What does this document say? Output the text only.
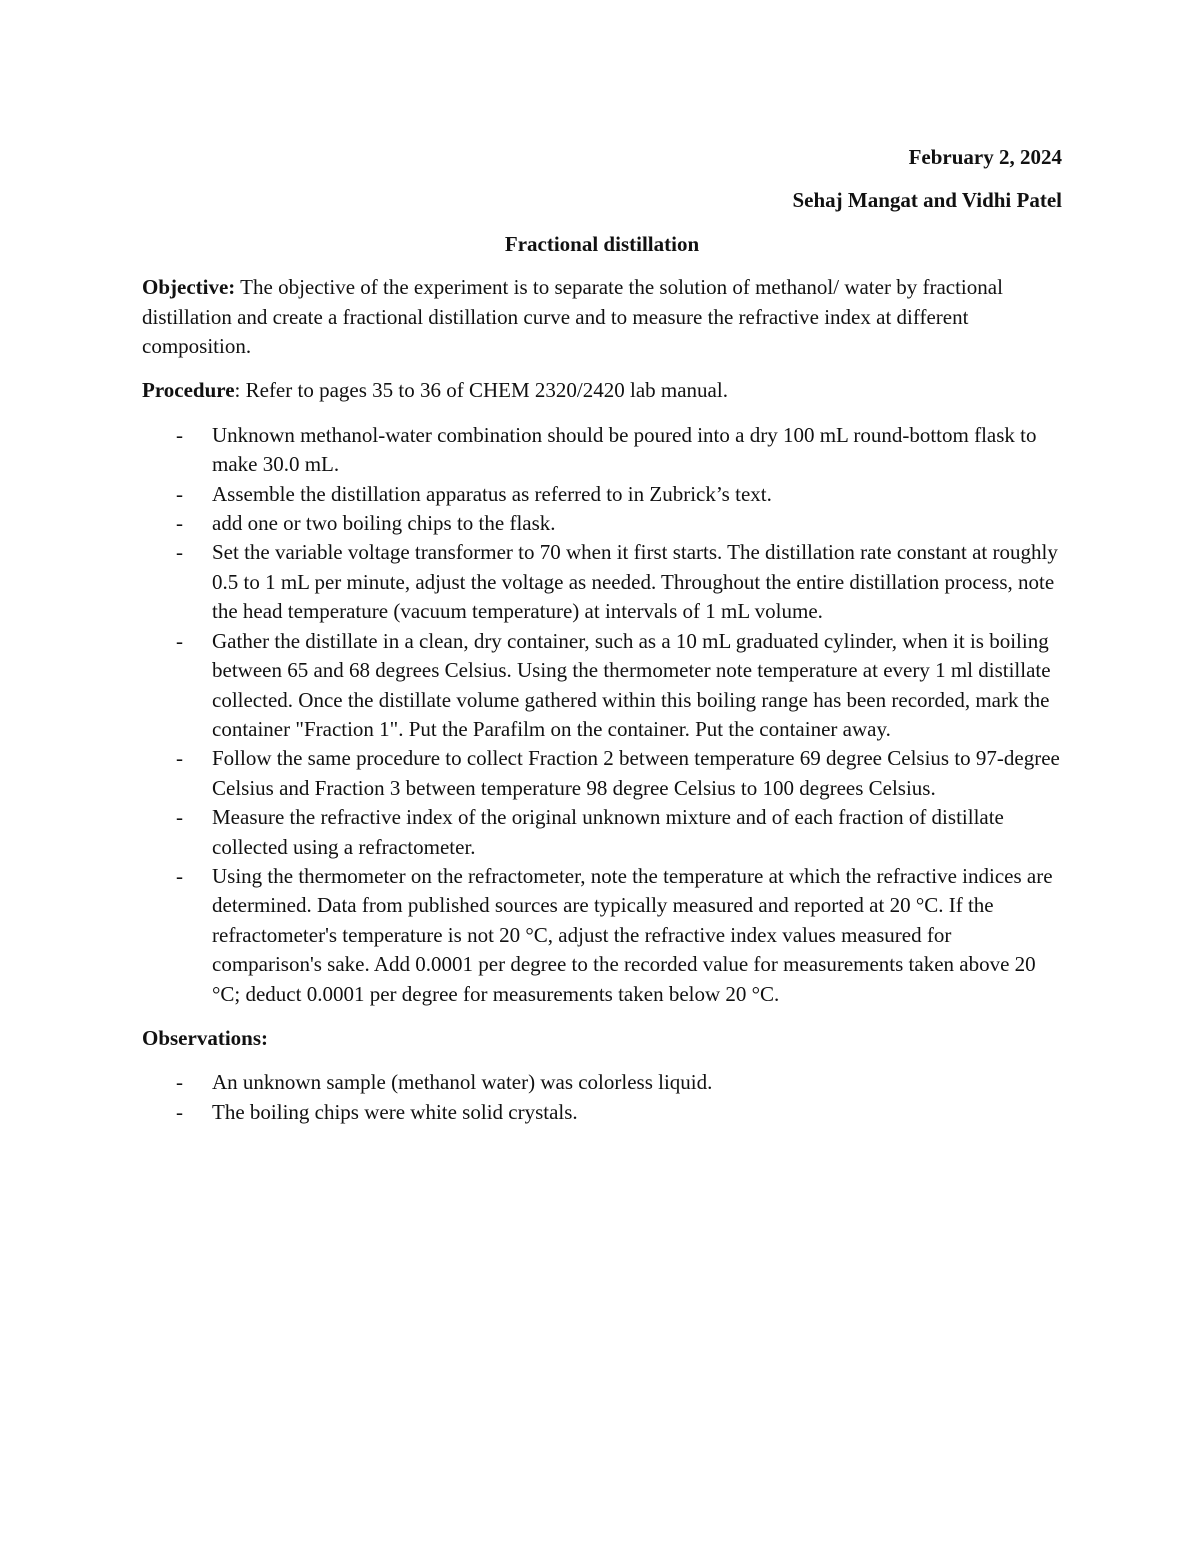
February 2, 2024

Sehaj Mangat and Vidhi Patel

Fractional distillation

Objective: The objective of the experiment is to separate the solution of methanol/ water by fractional distillation and create a fractional distillation curve and to measure the refractive index at different composition.

Procedure: Refer to pages 35 to 36 of CHEM 2320/2420 lab manual.

- Unknown methanol-water combination should be poured into a dry 100 mL round-bottom flask to make 30.0 mL.
- Assemble the distillation apparatus as referred to in Zubrick’s text.
- add one or two boiling chips to the flask.
- Set the variable voltage transformer to 70 when it first starts. The distillation rate constant at roughly 0.5 to 1 mL per minute, adjust the voltage as needed. Throughout the entire distillation process, note the head temperature (vacuum temperature) at intervals of 1 mL volume.
- Gather the distillate in a clean, dry container, such as a 10 mL graduated cylinder, when it is boiling between 65 and 68 degrees Celsius. Using the thermometer note temperature at every 1 ml distillate collected. Once the distillate volume gathered within this boiling range has been recorded, mark the container "Fraction 1". Put the Parafilm on the container. Put the container away.
- Follow the same procedure to collect Fraction 2 between temperature 69 degree Celsius to 97-degree Celsius and Fraction 3 between temperature 98 degree Celsius to 100 degrees Celsius.
- Measure the refractive index of the original unknown mixture and of each fraction of distillate collected using a refractometer.
- Using the thermometer on the refractometer, note the temperature at which the refractive indices are determined. Data from published sources are typically measured and reported at 20 °C. If the refractometer's temperature is not 20 °C, adjust the refractive index values measured for comparison's sake. Add 0.0001 per degree to the recorded value for measurements taken above 20 °C; deduct 0.0001 per degree for measurements taken below 20 °C.

Observations:

- An unknown sample (methanol water) was colorless liquid.
- The boiling chips were white solid crystals.
